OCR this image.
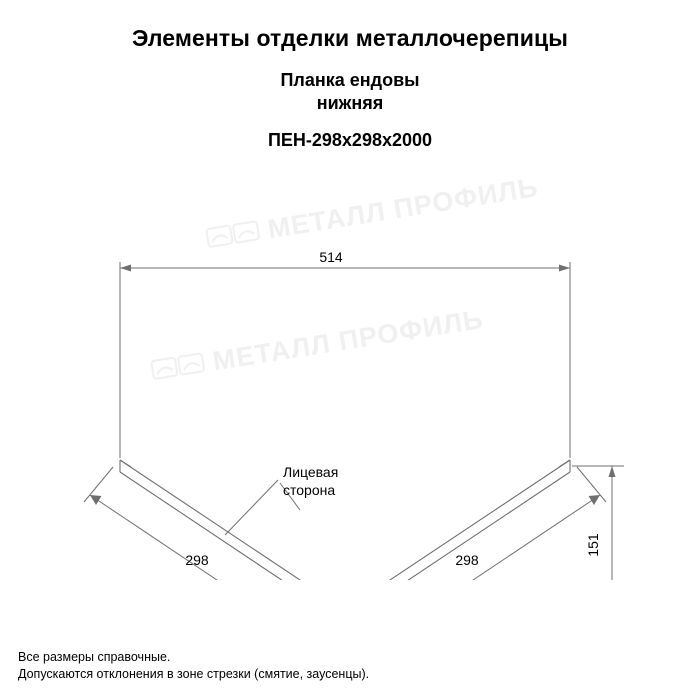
Элементы отделки металлочерепицы

Планка ендовы

нижняя

ПЕН-298x298x2000

МЕТАЛЛ ПРОФИЛЬ
МЕТАЛЛ ПРОФИЛЬ
Лицевая
сторона
514
298	298
151
Все размеры справочные.
Допускаются отклонения в зоне стрезки (смятие, заусенцы).
